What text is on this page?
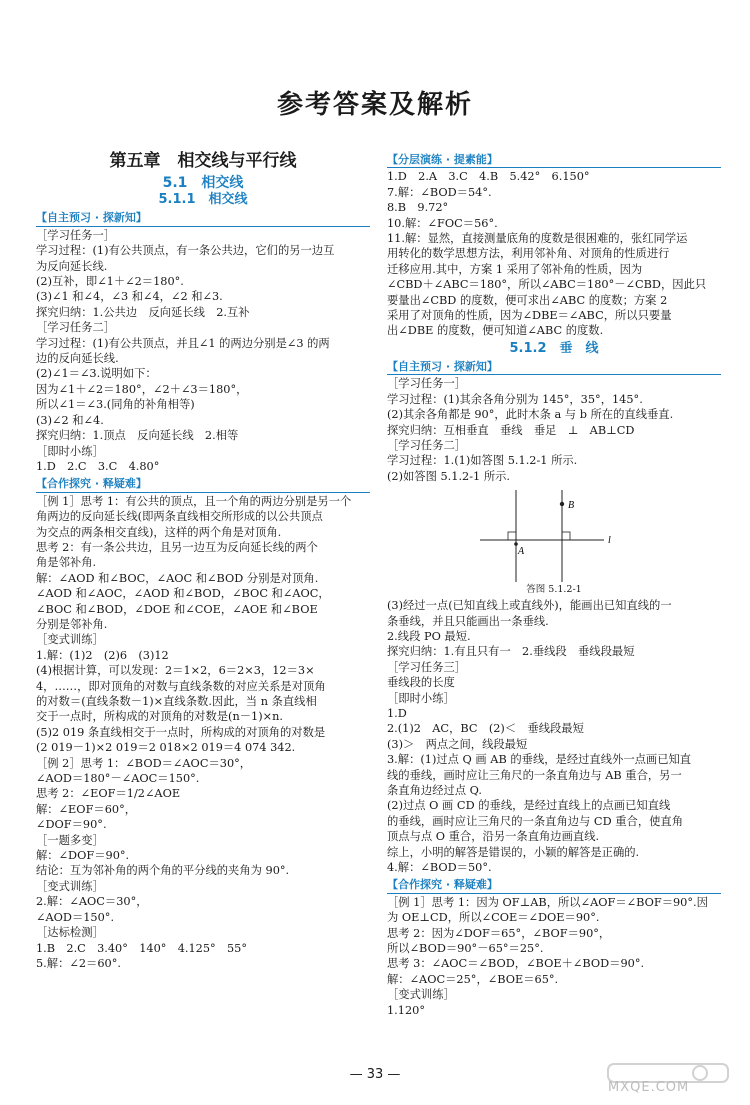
参考答案及解析
第五章　相交线与平行线
5.1　相交线
5.1.1　相交线
【自主预习 · 探新知】
［学习任务一］
学习过程：(1)有公共顶点，有一条公共边，它们的另一边互
为反向延长线.
(2)互补，即∠1＋∠2＝180°.
(3)∠1 和∠4，∠3 和∠4，∠2 和∠3.
探究归纳：1.公共边　反向延长线　2.互补
［学习任务二］
学习过程：(1)有公共顶点，并且∠1 的两边分别是∠3 的两
边的反向延长线.
(2)∠1＝∠3.说明如下：
因为∠1＋∠2＝180°，∠2＋∠3＝180°，
所以∠1＝∠3.(同角的补角相等)
(3)∠2 和∠4.
探究归纳：1.顶点　反向延长线　2.相等
［即时小练］
1.D　2.C　3.C　4.80°
【合作探究 · 释疑难】
［例 1］思考 1：有公共的顶点，且一个角的两边分别是另一个
角两边的反向延长线(即两条直线相交所形成的以公共顶点
为交点的两条相交直线)，这样的两个角是对顶角.
思考 2：有一条公共边，且另一边互为反向延长线的两个
角是邻补角.
解：∠AOD 和∠BOC，∠AOC 和∠BOD 分别是对顶角.
∠AOD 和∠AOC，∠AOD 和∠BOD，∠BOC 和∠AOC，
∠BOC 和∠BOD，∠DOE 和∠COE，∠AOE 和∠BOE
分别是邻补角.
［变式训练］
1.解：(1)2　(2)6　(3)12
(4)根据计算，可以发现：2＝1×2，6＝2×3，12＝3×
4，……，即对顶角的对数与直线条数的对应关系是对顶角
的对数＝(直线条数－1)×直线条数.因此，当 n 条直线相
交于一点时，所构成的对顶角的对数是(n－1)×n.
(5)2 019 条直线相交于一点时，所构成的对顶角的对数是
(2 019－1)×2 019＝2 018×2 019＝4 074 342.
［例 2］思考 1：∠BOD＝∠AOC＝30°，
∠AOD＝180°－∠AOC＝150°.
思考 2：∠EOF＝1/2∠AOE
解：∠EOF＝60°，
∠DOF＝90°.
［一题多变］
解：∠DOF＝90°.
结论：互为邻补角的两个角的平分线的夹角为 90°.
［变式训练］
2.解：∠AOC＝30°，
∠AOD＝150°.
［达标检测］
1.B　2.C　3.40°　140°　4.125°　55°
5.解：∠2＝60°.
【分层演练 · 提素能】
1.D　2.A　3.C　4.B　5.42°　6.150°
7.解：∠BOD＝54°.
8.B　9.72°
10.解：∠FOC＝56°.
11.解：显然，直接测量底角的度数是很困难的，张红同学运
用转化的数学思想方法，利用邻补角、对顶角的性质进行
迁移应用.其中，方案 1 采用了邻补角的性质，因为
∠CBD＋∠ABC＝180°，所以∠ABC＝180°－∠CBD，因此只
要量出∠CBD 的度数，便可求出∠ABC 的度数；方案 2
采用了对顶角的性质，因为∠DBE＝∠ABC，所以只要量
出∠DBE 的度数，便可知道∠ABC 的度数.
5.1.2　垂　线
【自主预习 · 探新知】
［学习任务一］
学习过程：(1)其余各角分别为 145°，35°，145°.
(2)其余各角都是 90°，此时木条 a 与 b 所在的直线垂直.
探究归纳：互相垂直　垂线　垂足　⊥　AB⊥CD
［学习任务二］
学习过程：1.(1)如答图 5.1.2-1 所示.
(2)如答图 5.1.2-1 所示.
B
A
l
答图 5.1.2-1
(3)经过一点(已知直线上或直线外)，能画出已知直线的一
条垂线，并且只能画出一条垂线.
2.线段 PO 最短.
探究归纳：1.有且只有一　2.垂线段　垂线段最短
［学习任务三］
垂线段的长度
［即时小练］
1.D
2.(1)2　AC，BC　(2)＜　垂线段最短
(3)＞　两点之间，线段最短
3.解：(1)过点 Q 画 AB 的垂线，是经过直线外一点画已知直
线的垂线，画时应让三角尺的一条直角边与 AB 重合，另一
条直角边经过点 Q.
(2)过点 O 画 CD 的垂线，是经过直线上的点画已知直线
的垂线，画时应让三角尺的一条直角边与 CD 重合，使直角
顶点与点 O 重合，沿另一条直角边画直线.
综上，小明的解答是错误的，小颖的解答是正确的.
4.解：∠BOD＝50°.
【合作探究 · 释疑难】
［例 1］思考 1：因为 OF⊥AB，所以∠AOF＝∠BOF＝90°.因
为 OE⊥CD，所以∠COE＝∠DOE＝90°.
思考 2：因为∠DOF＝65°，∠BOF＝90°，
所以∠BOD＝90°－65°＝25°.
思考 3：∠AOC＝∠BOD，∠BOE＋∠BOD＝90°.
解：∠AOC＝25°，∠BOE＝65°.
［变式训练］
1.120°
— 33 —
MXQE.COM
